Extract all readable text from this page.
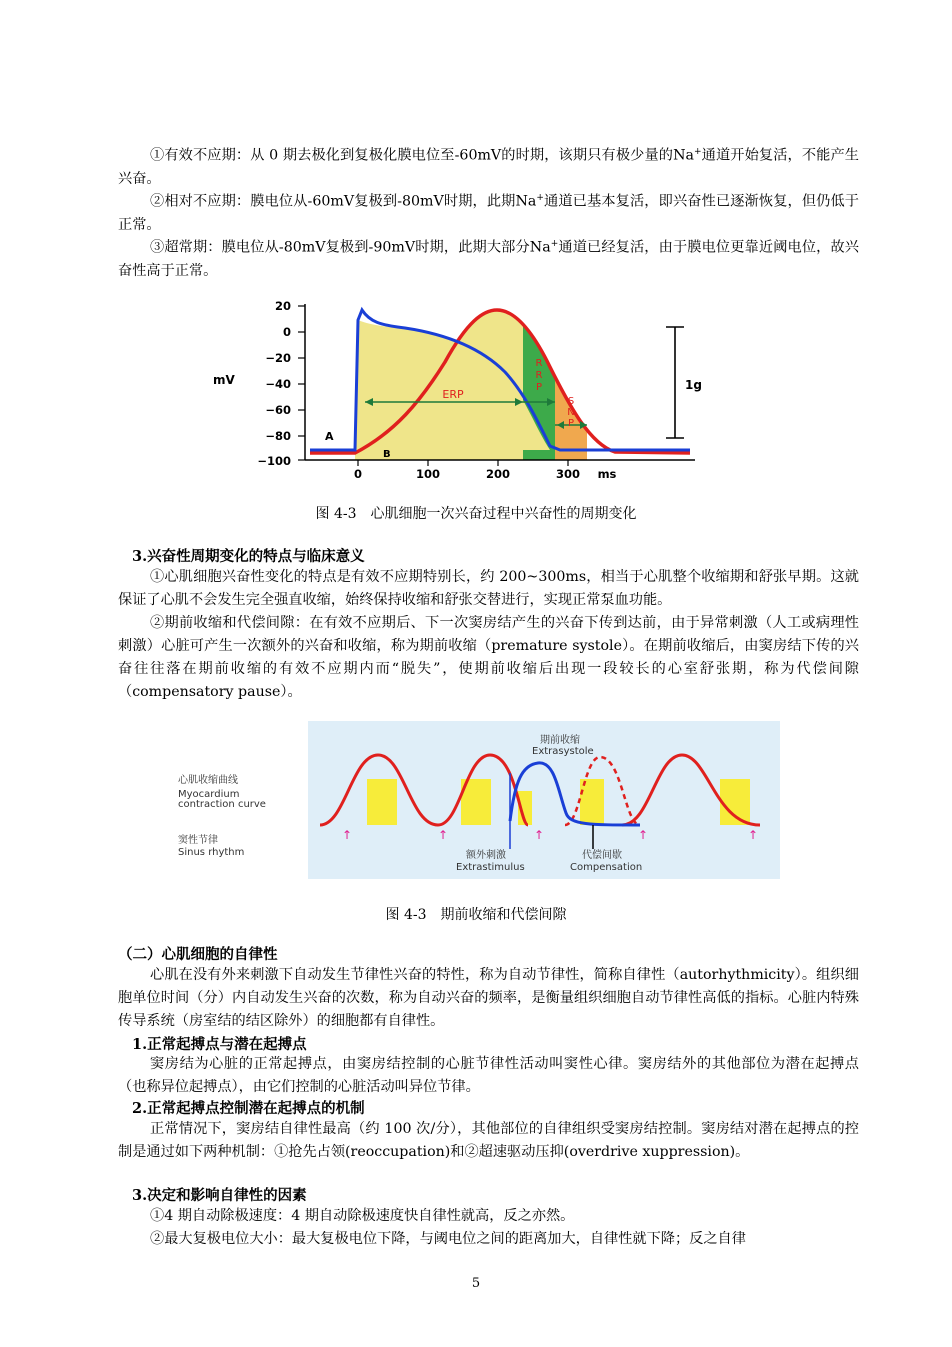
①有效不应期：从 0 期去极化到复极化膜电位至-60mV的时期，该期只有极少量的Na+通道开始复活，不能产生兴奋。

②相对不应期：膜电位从-60mV复极到-80mV时期，此期Na+通道已基本复活，即兴奋性已逐渐恢复，但仍低于正常。

③超常期：膜电位从-80mV复极到-90mV时期，此期大部分Na+通道已经复活，由于膜电位更靠近阈电位，故兴奋性高于正常。

20
0
−20
−40
−60
−80
−100
mV
0	100	200	300 ms
ERP
R
R
P
S
N
P
A
B
1g
图 4-3　心肌细胞一次兴奋过程中兴奋性的周期变化

3.兴奋性周期变化的特点与临床意义

①心肌细胞兴奋性变化的特点是有效不应期特别长，约 200~300ms，相当于心肌整个收缩期和舒张早期。这就保证了心肌不会发生完全强直收缩，始终保持收缩和舒张交替进行，实现正常泵血功能。

②期前收缩和代偿间隙：在有效不应期后、下一次窦房结产生的兴奋下传到达前，由于异常刺激（人工或病理性刺激）心脏可产生一次额外的兴奋和收缩，称为期前收缩（premature systole）。在期前收缩后，由窦房结下传的兴奋往往落在期前收缩的有效不应期内而“脱失”，使期前收缩后出现一段较长的心室舒张期，称为代偿间隙（compensatory pause）。

↑	↑	↑	↑	↑
期前收缩
Extrasystole
心肌收缩曲线
Myocardium
contraction curve
窦性节律
Sinus rhythm	额外刺激
Extrastimulus
代偿间歇
Compensation
图 4-3　期前收缩和代偿间隙

（二）心肌细胞的自律性

心肌在没有外来刺激下自动发生节律性兴奋的特性，称为自动节律性，简称自律性（autorhythmicity）。组织细胞单位时间（分）内自动发生兴奋的次数，称为自动兴奋的频率，是衡量组织细胞自动节律性高低的指标。心脏内特殊传导系统（房室结的结区除外）的细胞都有自律性。

1.正常起搏点与潜在起搏点

窦房结为心脏的正常起搏点，由窦房结控制的心脏节律性活动叫窦性心律。窦房结外的其他部位为潜在起搏点（也称异位起搏点），由它们控制的心脏活动叫异位节律。

2.正常起搏点控制潜在起搏点的机制

正常情况下，窦房结自律性最高（约 100 次/分），其他部位的自律组织受窦房结控制。窦房结对潜在起搏点的控制是通过如下两种机制：①抢先占领(reoccupation)和②超速驱动压抑(overdrive xuppression)。

3.决定和影响自律性的因素

①4 期自动除极速度：4 期自动除极速度快自律性就高，反之亦然。

②最大复极电位大小：最大复极电位下降，与阈电位之间的距离加大，自律性就下降；反之自律

5
